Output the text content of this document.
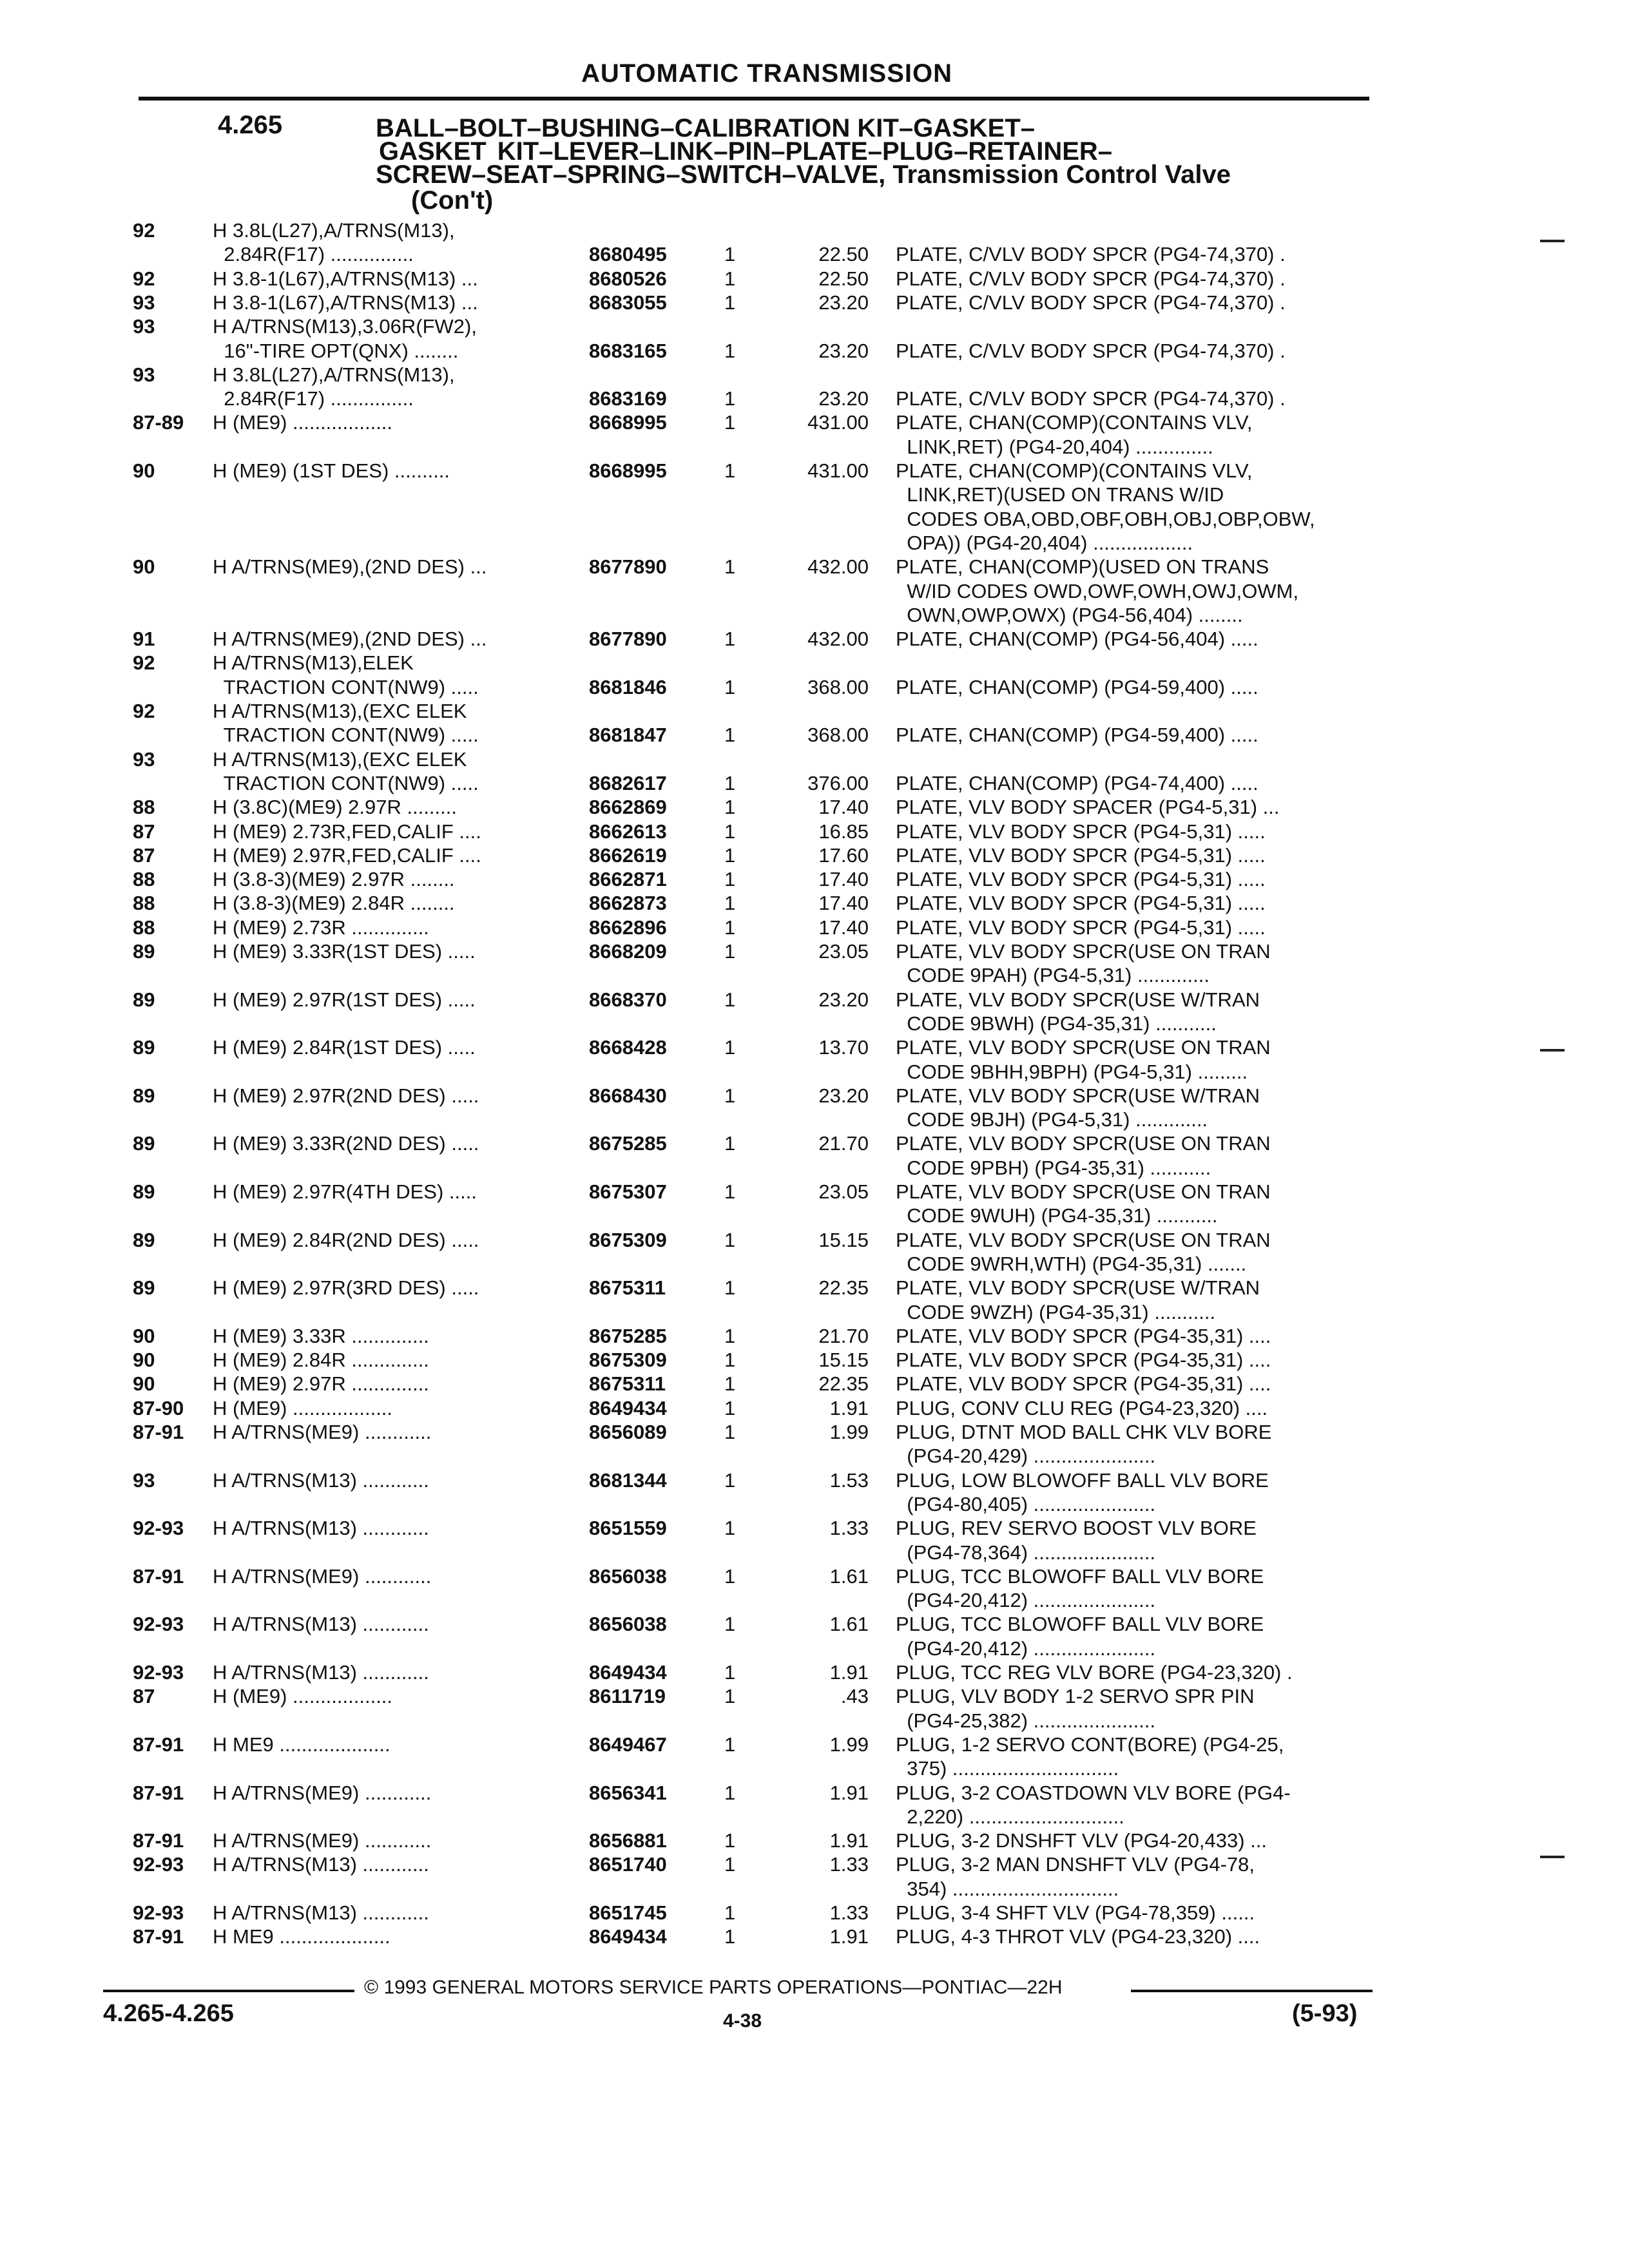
AUTOMATIC TRANSMISSION
4.265	BALL–BOLT–BUSHING–CALIBRATION KIT–GASKET–
GASKET KIT–LEVER–LINK–PIN–PLATE–PLUG–RETAINER–
SCREW–SEAT–SPRING–SWITCH–VALVE, Transmission Control Valve
(Con't)
92	H 3.8L(L27),A/TRNS(M13),
2.84R(F17) ...............	8680495	1	22.50 PLATE, C/VLV BODY SPCR (PG4-74,370) .
92	H 3.8-1(L67),A/TRNS(M13) ...	8680526	1	22.50 PLATE, C/VLV BODY SPCR (PG4-74,370) .
93	H 3.8-1(L67),A/TRNS(M13) ...	8683055	1	23.20 PLATE, C/VLV BODY SPCR (PG4-74,370) .
93	H A/TRNS(M13),3.06R(FW2),
16"-TIRE OPT(QNX) ........	8683165	1	23.20 PLATE, C/VLV BODY SPCR (PG4-74,370) .
93	H 3.8L(L27),A/TRNS(M13),
2.84R(F17) ...............	8683169	1	23.20 PLATE, C/VLV BODY SPCR (PG4-74,370) .
87-89 H (ME9) ..................	8668995	1	431.00 PLATE, CHAN(COMP)(CONTAINS VLV,
LINK,RET) (PG4-20,404) ..............
90	H (ME9) (1ST DES) ..........	8668995	1	431.00 PLATE, CHAN(COMP)(CONTAINS VLV,
LINK,RET)(USED ON TRANS W/ID
CODES OBA,OBD,OBF,OBH,OBJ,OBP,OBW,
OPA)) (PG4-20,404) ..................
90	H A/TRNS(ME9),(2ND DES) ...	8677890	1	432.00 PLATE, CHAN(COMP)(USED ON TRANS
W/ID CODES OWD,OWF,OWH,OWJ,OWM,
OWN,OWP,OWX) (PG4-56,404) ........
91	H A/TRNS(ME9),(2ND DES) ...	8677890	1	432.00 PLATE, CHAN(COMP) (PG4-56,404) .....
92	H A/TRNS(M13),ELEK
TRACTION CONT(NW9) .....	8681846	1	368.00 PLATE, CHAN(COMP) (PG4-59,400) .....
92	H A/TRNS(M13),(EXC ELEK
TRACTION CONT(NW9) .....	8681847	1	368.00 PLATE, CHAN(COMP) (PG4-59,400) .....
93	H A/TRNS(M13),(EXC ELEK
TRACTION CONT(NW9) .....	8682617	1	376.00 PLATE, CHAN(COMP) (PG4-74,400) .....
88	H (3.8C)(ME9) 2.97R .........	8662869	1	17.40 PLATE, VLV BODY SPACER (PG4-5,31) ...
87	H (ME9) 2.73R,FED,CALIF ....	8662613	1	16.85 PLATE, VLV BODY SPCR (PG4-5,31) .....
87	H (ME9) 2.97R,FED,CALIF ....	8662619	1	17.60 PLATE, VLV BODY SPCR (PG4-5,31) .....
88	H (3.8-3)(ME9) 2.97R ........	8662871	1	17.40 PLATE, VLV BODY SPCR (PG4-5,31) .....
88	H (3.8-3)(ME9) 2.84R ........	8662873	1	17.40 PLATE, VLV BODY SPCR (PG4-5,31) .....
88	H (ME9) 2.73R ..............	8662896	1	17.40 PLATE, VLV BODY SPCR (PG4-5,31) .....
89	H (ME9) 3.33R(1ST DES) .....	8668209	1	23.05 PLATE, VLV BODY SPCR(USE ON TRAN
CODE 9PAH) (PG4-5,31) .............
89	H (ME9) 2.97R(1ST DES) .....	8668370	1	23.20 PLATE, VLV BODY SPCR(USE W/TRAN
CODE 9BWH) (PG4-35,31) ...........
89	H (ME9) 2.84R(1ST DES) .....	8668428	1	13.70 PLATE, VLV BODY SPCR(USE ON TRAN
CODE 9BHH,9BPH) (PG4-5,31) .........
89	H (ME9) 2.97R(2ND DES) .....	8668430	1	23.20 PLATE, VLV BODY SPCR(USE W/TRAN
CODE 9BJH) (PG4-5,31) .............
89	H (ME9) 3.33R(2ND DES) .....	8675285	1	21.70 PLATE, VLV BODY SPCR(USE ON TRAN
CODE 9PBH) (PG4-35,31) ...........
89	H (ME9) 2.97R(4TH DES) .....	8675307	1	23.05 PLATE, VLV BODY SPCR(USE ON TRAN
CODE 9WUH) (PG4-35,31) ...........
89	H (ME9) 2.84R(2ND DES) .....	8675309	1	15.15 PLATE, VLV BODY SPCR(USE ON TRAN
CODE 9WRH,WTH) (PG4-35,31) .......
89	H (ME9) 2.97R(3RD DES) .....	8675311	1	22.35 PLATE, VLV BODY SPCR(USE W/TRAN
CODE 9WZH) (PG4-35,31) ...........
90	H (ME9) 3.33R ..............	8675285	1	21.70 PLATE, VLV BODY SPCR (PG4-35,31) ....
90	H (ME9) 2.84R ..............	8675309	1	15.15 PLATE, VLV BODY SPCR (PG4-35,31) ....
90	H (ME9) 2.97R ..............	8675311	1	22.35 PLATE, VLV BODY SPCR (PG4-35,31) ....
87-90 H (ME9) ..................	8649434	1	1.91 PLUG, CONV CLU REG (PG4-23,320) ....
87-91 H A/TRNS(ME9) ............	8656089	1	1.99 PLUG, DTNT MOD BALL CHK VLV BORE
(PG4-20,429) ......................
93	H A/TRNS(M13) ............	8681344	1	1.53 PLUG, LOW BLOWOFF BALL VLV BORE
(PG4-80,405) ......................
92-93 H A/TRNS(M13) ............	8651559	1	1.33 PLUG, REV SERVO BOOST VLV BORE
(PG4-78,364) ......................
87-91 H A/TRNS(ME9) ............	8656038	1	1.61 PLUG, TCC BLOWOFF BALL VLV BORE
(PG4-20,412) ......................
92-93 H A/TRNS(M13) ............	8656038	1	1.61 PLUG, TCC BLOWOFF BALL VLV BORE
(PG4-20,412) ......................
92-93 H A/TRNS(M13) ............	8649434	1	1.91 PLUG, TCC REG VLV BORE (PG4-23,320) .
87	H (ME9) ..................	8611719	1	.43 PLUG, VLV BODY 1-2 SERVO SPR PIN
(PG4-25,382) ......................
87-91 H ME9 ....................	8649467	1	1.99 PLUG, 1-2 SERVO CONT(BORE) (PG4-25,
375) ..............................
87-91 H A/TRNS(ME9) ............	8656341	1	1.91 PLUG, 3-2 COASTDOWN VLV BORE (PG4-
2,220) ............................
87-91 H A/TRNS(ME9) ............	8656881	1	1.91 PLUG, 3-2 DNSHFT VLV (PG4-20,433) ...
92-93 H A/TRNS(M13) ............	8651740	1	1.33 PLUG, 3-2 MAN DNSHFT VLV (PG4-78,
354) ..............................
92-93 H A/TRNS(M13) ............	8651745	1	1.33 PLUG, 3-4 SHFT VLV (PG4-78,359) ......
87-91 H ME9 ....................	8649434	1	1.91 PLUG, 4-3 THROT VLV (PG4-23,320) ....
© 1993 GENERAL MOTORS SERVICE PARTS OPERATIONS—PONTIAC—22H
4.265-4.265	4-38	(5-93)
